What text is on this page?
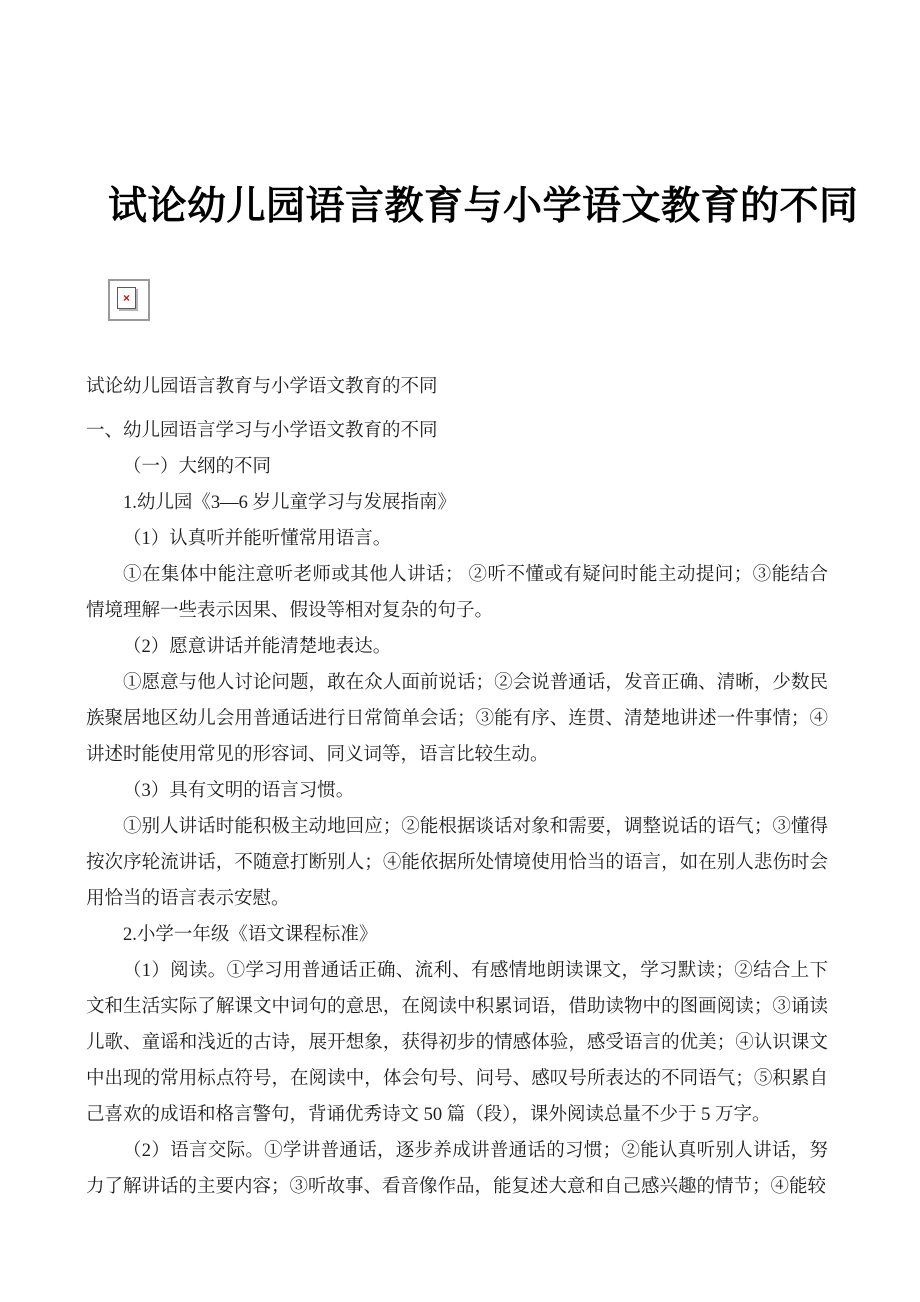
试论幼儿园语言教育与小学语文教育的不同
×

试论幼儿园语言教育与小学语文教育的不同

一、幼儿园语言学习与小学语文教育的不同

（一）大纲的不同

1.幼儿园《3—6 岁儿童学习与发展指南》

（1）认真听并能听懂常用语言。

①在集体中能注意听老师或其他人讲话； ②听不懂或有疑问时能主动提问；③能结合情境理解一些表示因果、假设等相对复杂的句子。

（2）愿意讲话并能清楚地表达。

①愿意与他人讨论问题，敢在众人面前说话；②会说普通话，发音正确、清晰，少数民族聚居地区幼儿会用普通话进行日常简单会话；③能有序、连贯、清楚地讲述一件事情；④讲述时能使用常见的形容词、同义词等，语言比较生动。

（3）具有文明的语言习惯。

①别人讲话时能积极主动地回应；②能根据谈话对象和需要，调整说话的语气；③懂得按次序轮流讲话，不随意打断别人；④能依据所处情境使用恰当的语言，如在别人悲伤时会用恰当的语言表示安慰。

2.小学一年级《语文课程标准》

（1）阅读。①学习用普通话正确、流利、有感情地朗读课文，学习默读；②结合上下文和生活实际了解课文中词句的意思，在阅读中积累词语，借助读物中的图画阅读；③诵读儿歌、童谣和浅近的古诗，展开想象，获得初步的情感体验，感受语言的优美；④认识课文中出现的常用标点符号，在阅读中，体会句号、问号、感叹号所表达的不同语气；⑤积累自己喜欢的成语和格言警句，背诵优秀诗文 50 篇（段），课外阅读总量不少于 5 万字。

（2）语言交际。①学讲普通话，逐步养成讲普通话的习惯；②能认真听别人讲话，努力了解讲话的主要内容；③听故事、看音像作品，能复述大意和自己感兴趣的情节；④能较
